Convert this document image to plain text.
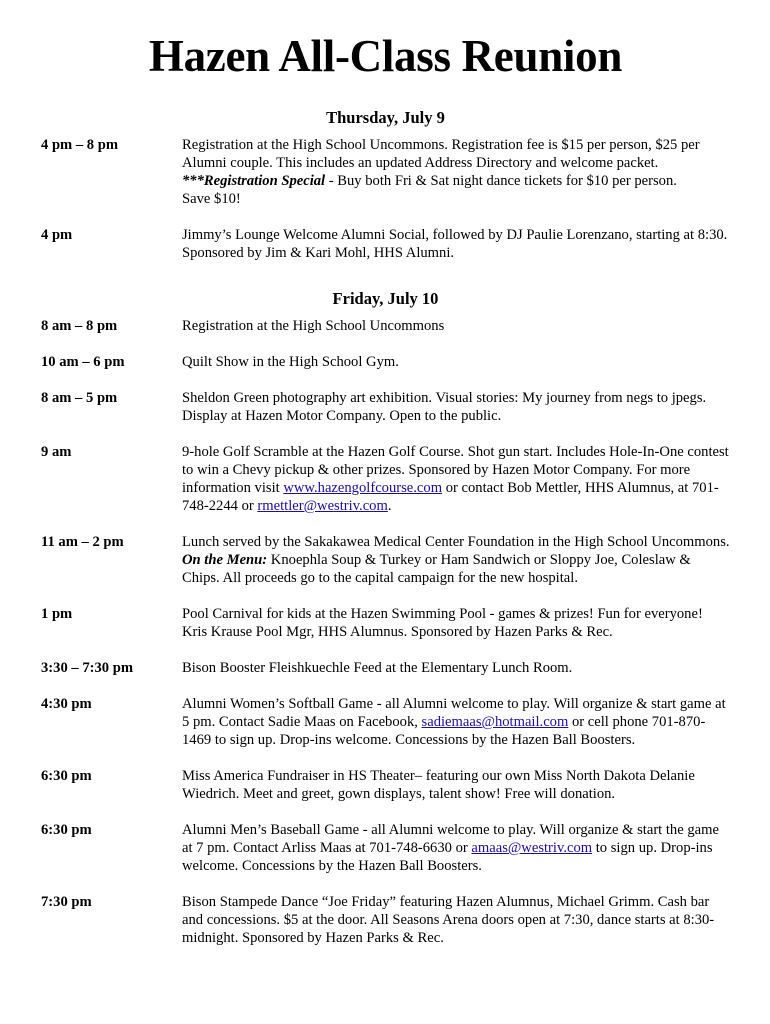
Hazen All-Class Reunion
Thursday, July 9
4 pm – 8 pm	Registration at the High School Uncommons. Registration fee is $15 per person, $25 per Alumni couple. This includes an updated Address Directory and welcome packet.
***Registration Special - Buy both Fri & Sat night dance tickets for $10 per person.
Save $10!
4 pm	Jimmy’s Lounge Welcome Alumni Social, followed by DJ Paulie Lorenzano, starting at 8:30. Sponsored by Jim & Kari Mohl, HHS Alumni.
Friday, July 10
8 am – 8 pm	Registration at the High School Uncommons
10 am – 6 pm	Quilt Show in the High School Gym.
8 am – 5 pm	Sheldon Green photography art exhibition. Visual stories: My journey from negs to jpegs. Display at Hazen Motor Company. Open to the public.
9 am	9-hole Golf Scramble at the Hazen Golf Course. Shot gun start. Includes Hole-In-One contest to win a Chevy pickup & other prizes. Sponsored by Hazen Motor Company. For more information visit www.hazengolfcourse.com or contact Bob Mettler, HHS Alumnus, at 701-748-2244 or rmettler@westriv.com.
11 am – 2 pm	Lunch served by the Sakakawea Medical Center Foundation in the High School Uncommons. On the Menu: Knoephla Soup & Turkey or Ham Sandwich or Sloppy Joe, Coleslaw & Chips. All proceeds go to the capital campaign for the new hospital.
1 pm	Pool Carnival for kids at the Hazen Swimming Pool - games & prizes! Fun for everyone! Kris Krause Pool Mgr, HHS Alumnus. Sponsored by Hazen Parks & Rec.
3:30 – 7:30 pm	Bison Booster Fleishkuechle Feed at the Elementary Lunch Room.
4:30 pm	Alumni Women’s Softball Game - all Alumni welcome to play. Will organize & start game at 5 pm. Contact Sadie Maas on Facebook, sadiemaas@hotmail.com or cell phone 701-870-1469 to sign up. Drop-ins welcome. Concessions by the Hazen Ball Boosters.
6:30 pm	Miss America Fundraiser in HS Theater– featuring our own Miss North Dakota Delanie Wiedrich. Meet and greet, gown displays, talent show! Free will donation.
6:30 pm	Alumni Men’s Baseball Game - all Alumni welcome to play. Will organize & start the game at 7 pm. Contact Arliss Maas at 701-748-6630 or amaas@westriv.com to sign up. Drop-ins welcome. Concessions by the Hazen Ball Boosters.
7:30 pm	Bison Stampede Dance “Joe Friday” featuring Hazen Alumnus, Michael Grimm. Cash bar and concessions. $5 at the door. All Seasons Arena doors open at 7:30, dance starts at 8:30-midnight. Sponsored by Hazen Parks & Rec.
